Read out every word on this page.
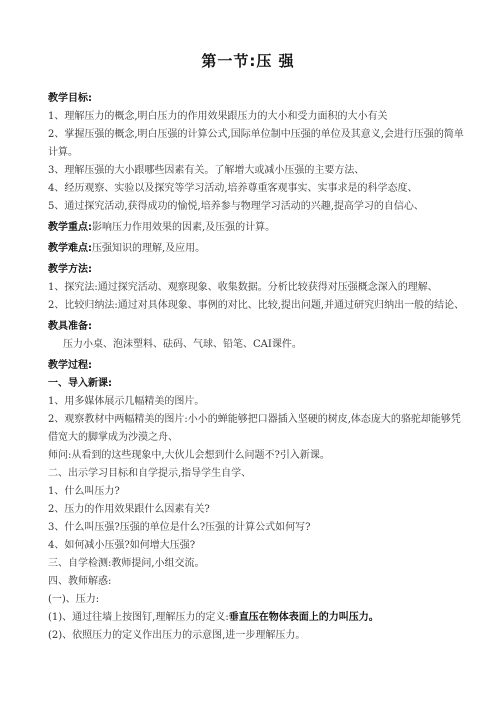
第一节:压 强

教学目标:

1、理解压力的概念,明白压力的作用效果跟压力的大小和受力面积的大小有关

2、掌握压强的概念,明白压强的计算公式,国际单位制中压强的单位及其意义,会进行压强的简单计算。

3、理解压强的大小跟哪些因素有关。了解增大或减小压强的主要方法、

4、经历观察、实验以及探究等学习活动,培养尊重客观事实、实事求是的科学态度、

5、通过探究活动,获得成功的愉悦,培养参与物理学习活动的兴趣,提高学习的自信心、

教学重点:影响压力作用效果的因素,及压强的计算。

教学难点:压强知识的理解,及应用。

教学方法:

1、探究法:通过探究活动、观察现象、收集数据。分析比较获得对压强概念深入的理解、

2、比较归纳法:通过对具体现象、事例的对比、比较,提出问题,并通过研究归纳出一般的结论、

教具准备:

压力小桌、泡沫塑料、砝码、气球、铅笔、CAI课件。

教学过程:

一、导入新课:

1、用多媒体展示几幅精美的图片。

2、观察教材中两幅精美的图片:小小的蝉能够把口器插入坚硬的树皮,体态庞大的骆驼却能够凭借宽大的脚掌成为沙漠之舟、

师问:从看到的这些现象中,大伙儿会想到什么问题不?引入新课。

二、出示学习目标和自学提示,指导学生自学、

1、什么叫压力?

2、压力的作用效果跟什么因素有关?

3、什么叫压强?压强的单位是什么?压强的计算公式如何写?

4、如何减小压强?如何增大压强?

三、自学检测:教师提问,小组交流。

四、教师解惑:

(一)、压力:

(1)、通过往墙上按图钉,理解压力的定义:垂直压在物体表面上的力叫压力。

(2)、依照压力的定义作出压力的示意图,进一步理解压力。
